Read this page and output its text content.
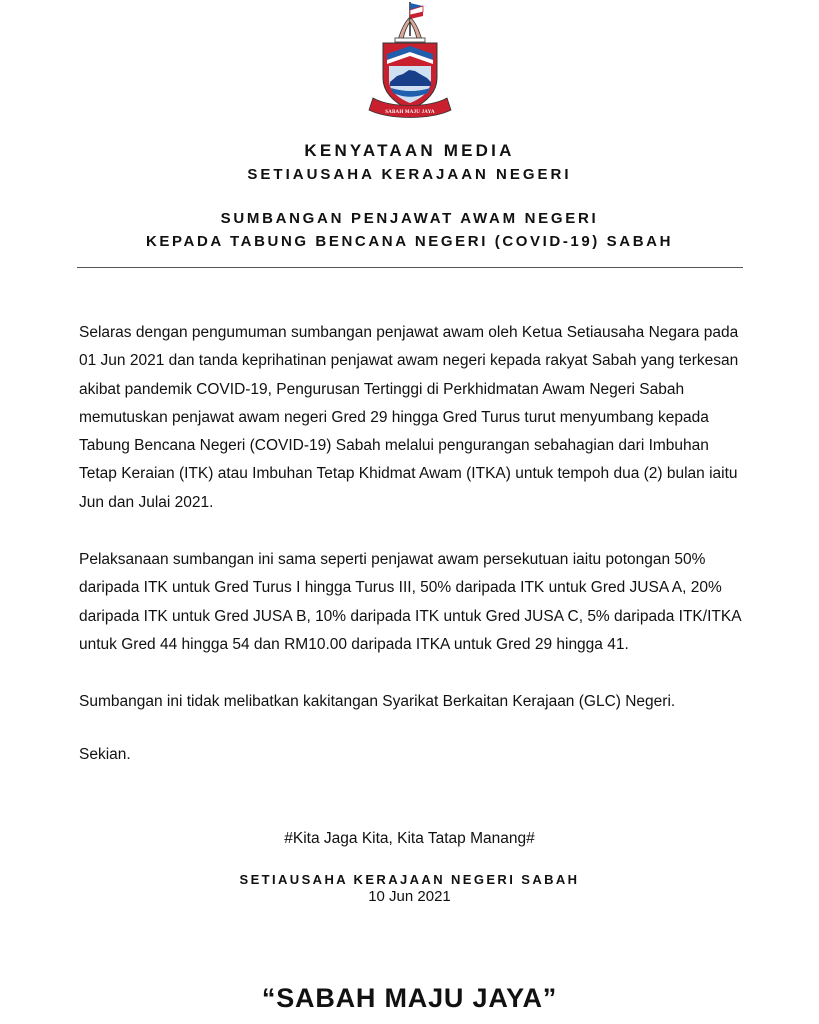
SABAH MAJU JAYA
KENYATAAN MEDIA
SETIAUSAHA KERAJAAN NEGERI
SUMBANGAN PENJAWAT AWAM NEGERI
KEPADA TABUNG BENCANA NEGERI (COVID-19) SABAH

Selaras dengan pengumuman sumbangan penjawat awam oleh Ketua Setiausaha Negara pada 01 Jun 2021 dan tanda keprihatinan penjawat awam negeri kepada rakyat Sabah yang terkesan akibat pandemik COVID-19, Pengurusan Tertinggi di Perkhidmatan Awam Negeri Sabah memutuskan penjawat awam negeri Gred 29 hingga Gred Turus turut menyumbang kepada Tabung Bencana Negeri (COVID-19) Sabah melalui pengurangan sebahagian dari Imbuhan Tetap Keraian (ITK) atau Imbuhan Tetap Khidmat Awam (ITKA) untuk tempoh dua (2) bulan iaitu Jun dan Julai 2021.

Pelaksanaan sumbangan ini sama seperti penjawat awam persekutuan iaitu potongan 50% daripada ITK untuk Gred Turus I hingga Turus III, 50% daripada ITK untuk Gred JUSA A, 20% daripada ITK untuk Gred JUSA B, 10% daripada ITK untuk Gred JUSA C, 5% daripada ITK/ITKA untuk Gred 44 hingga 54 dan RM10.00 daripada ITKA untuk Gred 29 hingga 41.

Sumbangan ini tidak melibatkan kakitangan Syarikat Berkaitan Kerajaan (GLC) Negeri.

Sekian.

#Kita Jaga Kita, Kita Tatap Manang#

SETIAUSAHA KERAJAAN NEGERI SABAH

10 Jun 2021

“SABAH MAJU JAYA”
